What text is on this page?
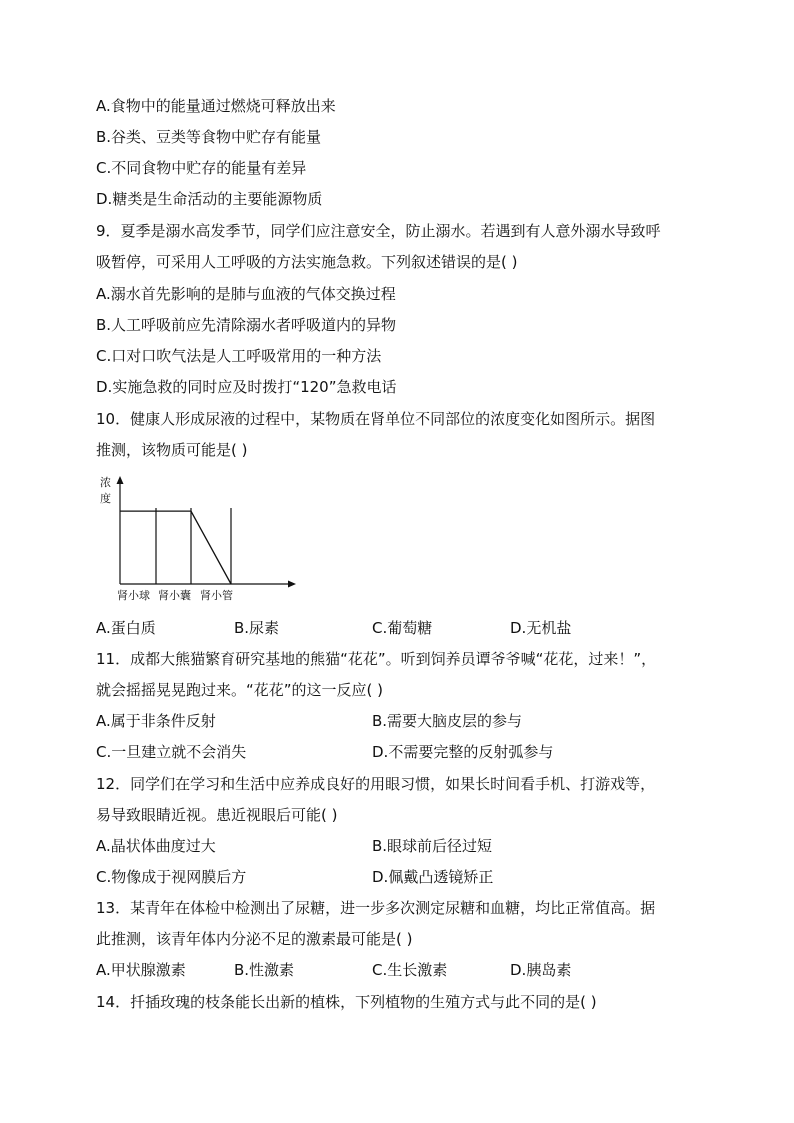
A.食物中的能量通过燃烧可释放出来
B.谷类、豆类等食物中贮存有能量
C.不同食物中贮存的能量有差异
D.糖类是生命活动的主要能源物质
9．夏季是溺水高发季节，同学们应注意安全，防止溺水。若遇到有人意外溺水导致呼
吸暂停，可采用人工呼吸的方法实施急救。下列叙述错误的是( )
A.溺水首先影响的是肺与血液的气体交换过程
B.人工呼吸前应先清除溺水者呼吸道内的异物
C.口对口吹气法是人工呼吸常用的一种方法
D.实施急救的同时应及时拨打“120”急救电话
10．健康人形成尿液的过程中，某物质在肾单位不同部位的浓度变化如图所示。据图
推测，该物质可能是( )
浓
度
肾小球 肾小囊 肾小管
A.蛋白质	B.尿素	C.葡萄糖	D.无机盐
11．成都大熊猫繁育研究基地的熊猫“花花”。听到饲养员谭爷爷喊“花花，过来！”，
就会摇摇晃晃跑过来。“花花”的这一反应( )
A.属于非条件反射	B.需要大脑皮层的参与
C.一旦建立就不会消失	D.不需要完整的反射弧参与
12．同学们在学习和生活中应养成良好的用眼习惯，如果长时间看手机、打游戏等，
易导致眼睛近视。患近视眼后可能( )
A.晶状体曲度过大	B.眼球前后径过短
C.物像成于视网膜后方	D.佩戴凸透镜矫正
13．某青年在体检中检测出了尿糖，进一步多次测定尿糖和血糖，均比正常值高。据
此推测，该青年体内分泌不足的激素最可能是( )
A.甲状腺激素	B.性激素	C.生长激素	D.胰岛素
14．扦插玫瑰的枝条能长出新的植株，下列植物的生殖方式与此不同的是( )
